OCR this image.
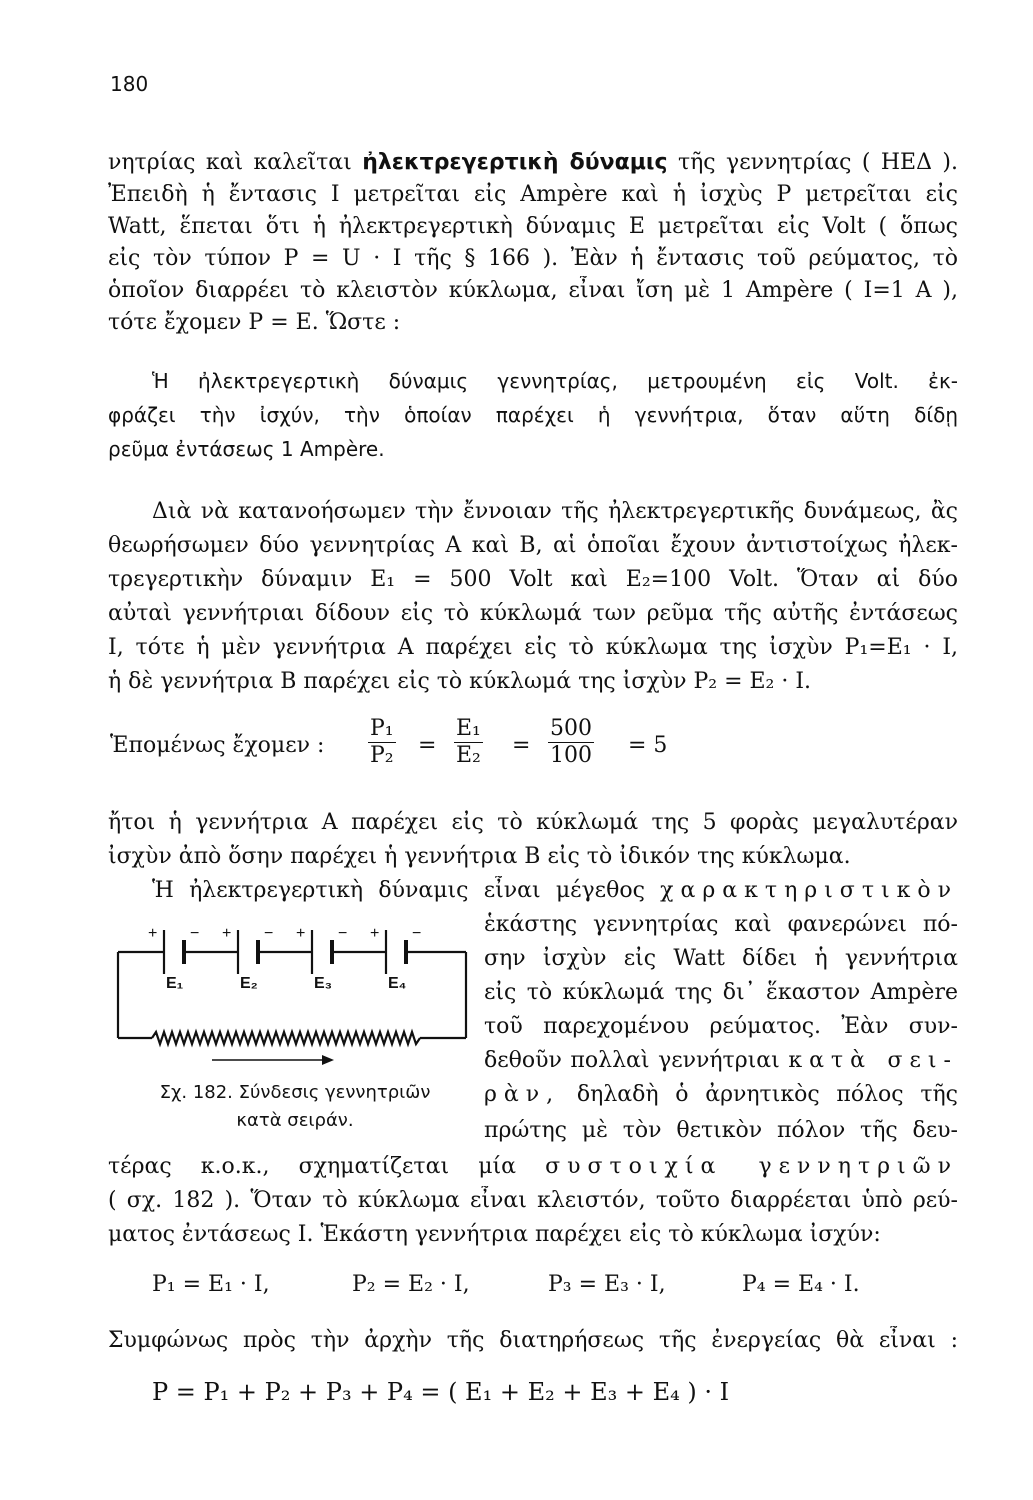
180
νητρίας καὶ καλεῖται ἠλεκτρεγερτικὴ δύναμις τῆς γεννητρίας ( ΗΕΔ ).
Ἐπειδὴ ἡ ἔντασις I μετρεῖται εἰς Ampère καὶ ἡ ἰσχὺς P μετρεῖται εἰς
Watt, ἕπεται ὅτι ἡ ἠλεκτρεγερτικὴ δύναμις E μετρεῖται εἰς Volt ( ὅπως
εἰς τὸν τύπον P = U · I τῆς § 166 ). Ἐὰν ἡ ἔντασις τοῦ ρεύματος, τὸ
ὁποῖον διαρρέει τὸ κλειστὸν κύκλωμα, εἶναι ἴση μὲ 1 Ampère ( I=1 A ),
τότε ἔχομεν P = E. Ὥστε :
Ἡ ἠλεκτρεγερτικὴ δύναμις γεννητρίας, μετρουμένη εἰς Volt. ἐκ-
φράζει τὴν ἰσχύν, τὴν ὁποίαν παρέχει ἡ γεννήτρια, ὅταν αὕτη δίδῃ
ρεῦμα ἐντάσεως 1 Ampère.
Διὰ νὰ κατανοήσωμεν τὴν ἔννοιαν τῆς ἠλεκτρεγερτικῆς δυνάμεως, ἂς
θεωρήσωμεν δύο γεννητρίας A καὶ B, αἱ ὁποῖαι ἔχουν ἀντιστοίχως ἠλεκ-
τρεγερτικὴν δύναμιν E₁ = 500 Volt καὶ E₂=100 Volt. Ὅταν αἱ δύο
αὐταὶ γεννήτριαι δίδουν εἰς τὸ κύκλωμά των ρεῦμα τῆς αὐτῆς ἐντάσεως
I, τότε ἡ μὲν γεννήτρια A παρέχει εἰς τὸ κύκλωμα της ἰσχὺν P₁=E₁ · I,
ἡ δὲ γεννήτρια B παρέχει εἰς τὸ κύκλωμά της ἰσχὺν P₂ = E₂ · I.
Ἑπομένως ἔχομεν : $\frac{\text{P₁}}{\text{P₂}} = \frac{\text{E₁}}{\text{E₂}} = \frac{500}{100} = 5$
ἤτοι ἡ γεννήτρια A παρέχει εἰς τὸ κύκλωμά της 5 φορὰς μεγαλυτέραν
ἰσχὺν ἀπὸ ὅσην παρέχει ἡ γεννήτρια B εἰς τὸ ἰδικόν της κύκλωμα.
Ἡ ἠλεκτρεγερτικὴ δύναμις εἶναι μέγεθος χαρακτηριστικὸν
ἑκάστης γεννητρίας καὶ φανερώνει πό-
σην ἰσχὺν εἰς Watt δίδει ἡ γεννήτρια
εἰς τὸ κύκλωμά της δι᾽ ἕκαστον Ampère
τοῦ παρεχομένου ρεύματος. Ἐὰν συν-
δεθοῦν πολλαὶ γεννήτριαι κατὰ σει-
ρὰν, δηλαδὴ ὁ ἀρνητικὸς πόλος τῆς
πρώτης μὲ τὸν θετικὸν πόλον τῆς δευ-
+ − + − + − + −
E₁	E₂	E₃	E₄
Σχ. 182. Σύνδεσις γεννητριῶν
κατὰ σειράν.
τέρας κ.ο.κ., σχηματίζεται μία συστοιχία γεννητριῶν
( σχ. 182 ). Ὅταν τὸ κύκλωμα εἶναι κλειστόν, τοῦτο διαρρέεται ὑπὸ ρεύ-
ματος ἐντάσεως I. Ἑκάστη γεννήτρια παρέχει εἰς τὸ κύκλωμα ἰσχύν:
P₁ = E₁ · I,	P₂ = E₂ · I,	P₃ = E₃ · I,	P₄ = E₄ · I.
Συμφώνως πρὸς τὴν ἀρχὴν τῆς διατηρήσεως τῆς ἐνεργείας θὰ εἶναι :
P = P₁ + P₂ + P₃ + P₄ = ( E₁ + E₂ + E₃ + E₄ ) · I
